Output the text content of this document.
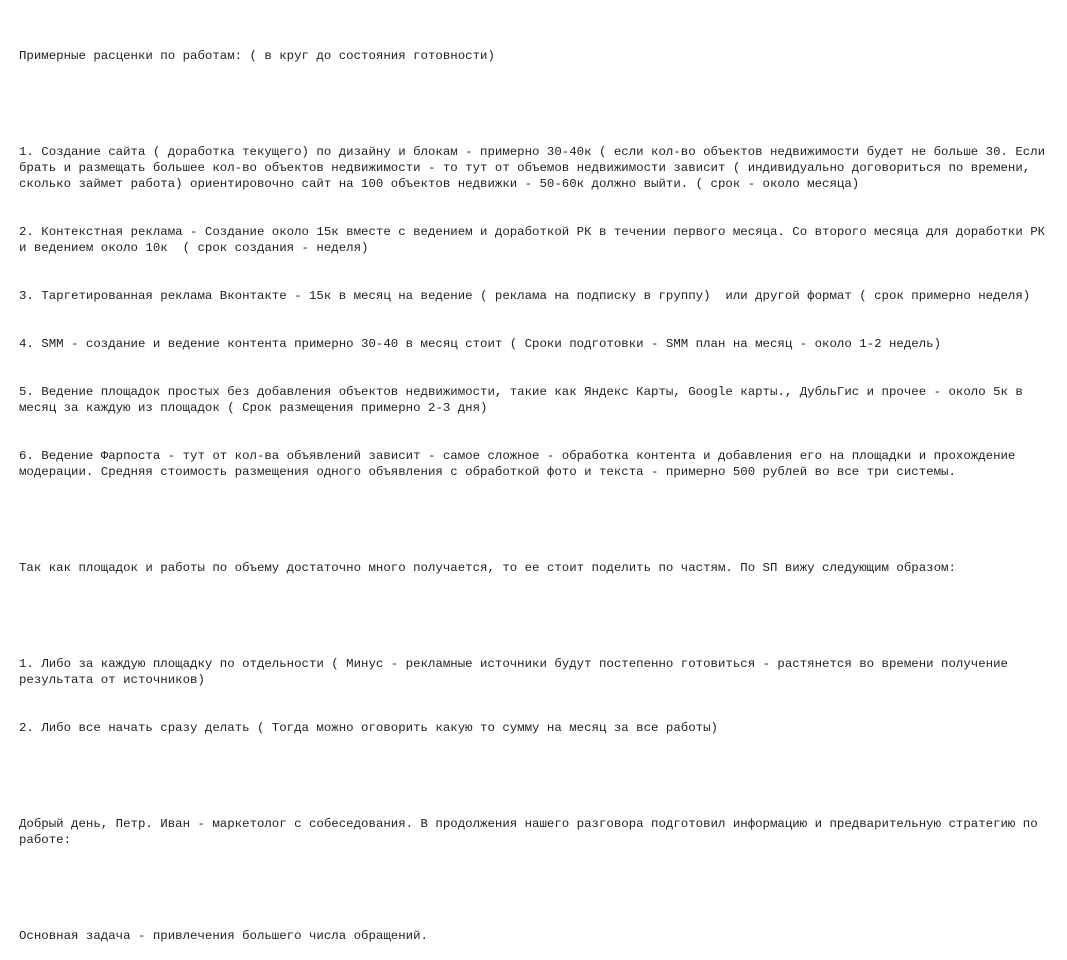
Примерные расценки по работам: ( в круг до состояния готовности)

1. Создание сайта ( доработка текущего) по дизайну и блокам - примерно 30-40к ( если кол-во объектов недвижимости будет не больше 30. Если брать и размещать большее кол-во объектов недвижимости - то тут от объемов недвижимости зависит ( индивидуально договориться по времени, сколько займет работа) ориентировочно сайт на 100 объектов недвижки - 50-60к должно выйти. ( срок - около месяца)

2. Контекстная реклама - Создание около 15к вместе с ведением и доработкой РК в течении первого месяца. Со второго месяца для доработки РК и ведением около 10к  ( срок создания - неделя)

3. Таргетированная реклама Вконтакте - 15к в месяц на ведение ( реклама на подписку в группу)  или другой формат ( срок примерно неделя)

4. SMM - создание и ведение контента примерно 30-40 в месяц стоит ( Сроки подготовки - SMM план на месяц - около 1-2 недель)

5. Ведение площадок простых без добавления объектов недвижимости, такие как Яндекс Карты, Google карты., ДубльГис и прочее - около 5к в месяц за каждую из площадок ( Срок размещения примерно 2-3 дня)

6. Ведение Фарпоста - тут от кол-ва объявлений зависит - самое сложное - обработка контента и добавления его на площадки и прохождение модерации. Средняя стоимость размещения одного объявления с обработкой фото и текста - примерно 500 рублей во все три системы.

Так как площадок и работы по объему достаточно много получается, то ее стоит поделить по частям. По SП вижу следующим образом:

1. Либо за каждую площадку по отдельности ( Минус - рекламные источники будут постепенно готовиться - растянется во времени получение результата от источников)

2. Либо все начать сразу делать ( Тогда можно оговорить какую то сумму на месяц за все работы)

Добрый день, Петр. Иван - маркетолог с собеседования. В продолжения нашего разговора подготовил информацию и предварительную стратегию по работе:

Основная задача - привлечения большего числа обращений.
